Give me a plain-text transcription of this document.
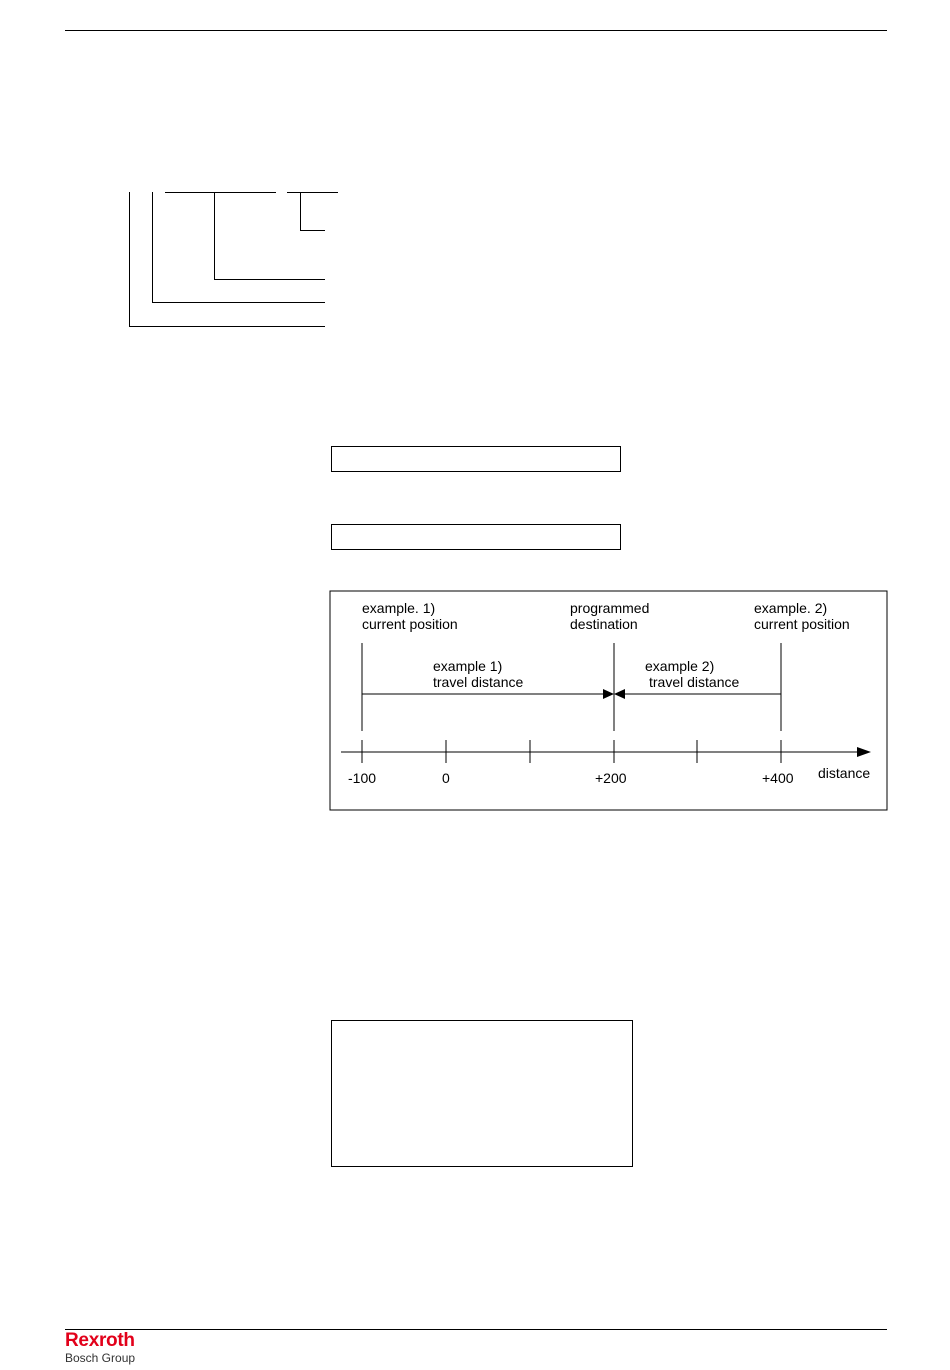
example. 1)
current position
programmed
destination
example. 2)
current position
example 1)
travel distance
example 2)
travel distance
-100	0	+200	+400 distance
Rexroth
Bosch Group
